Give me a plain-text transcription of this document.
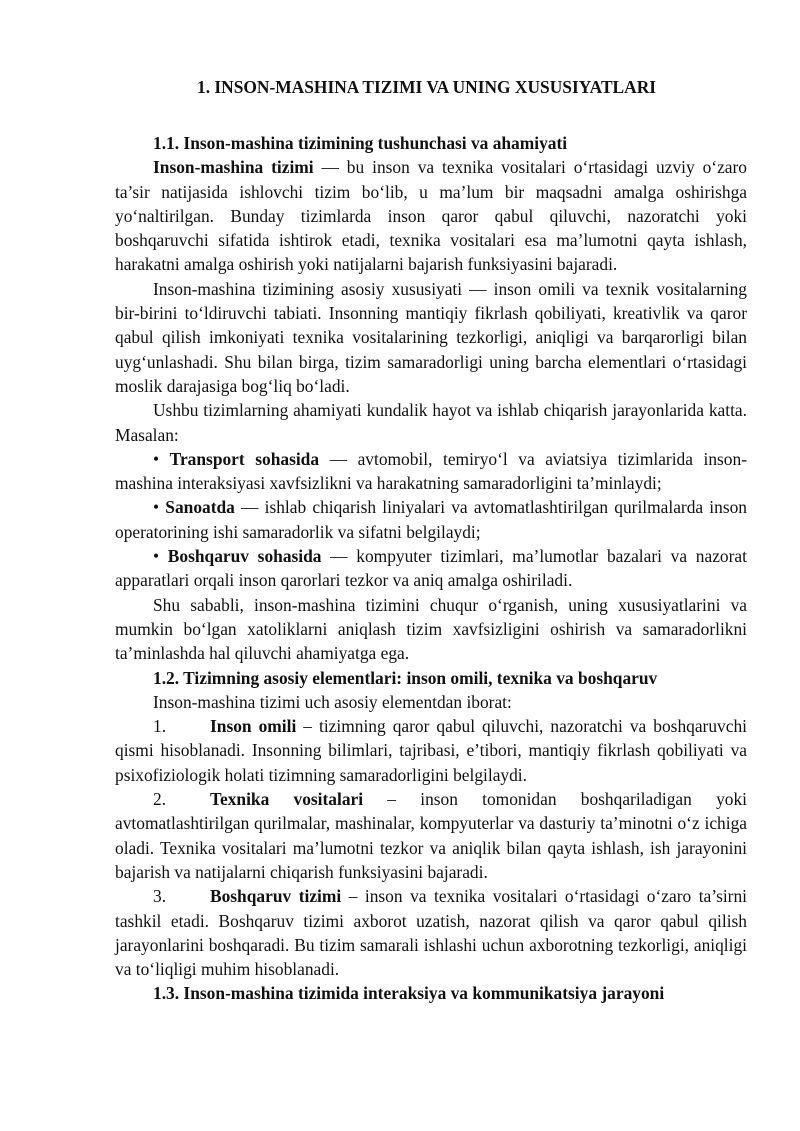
1. INSON-MASHINA TIZIMI VA UNING XUSUSIYATLARI

1.1. Inson-mashina tizimining tushunchasi va ahamiyati

Inson-mashina tizimi — bu inson va texnika vositalari o‘rtasidagi uzviy o‘zaro ta’sir natijasida ishlovchi tizim bo‘lib, u ma’lum bir maqsadni amalga oshirishga yo‘naltirilgan. Bunday tizimlarda inson qaror qabul qiluvchi, nazoratchi yoki boshqaruvchi sifatida ishtirok etadi, texnika vositalari esa ma’lumotni qayta ishlash, harakatni amalga oshirish yoki natijalarni bajarish funksiyasini bajaradi.

Inson-mashina tizimining asosiy xususiyati — inson omili va texnik vositalarning bir-birini to‘ldiruvchi tabiati. Insonning mantiqiy fikrlash qobiliyati, kreativlik va qaror qabul qilish imkoniyati texnika vositalarining tezkorligi, aniqligi va barqarorligi bilan uyg‘unlashadi. Shu bilan birga, tizim samaradorligi uning barcha elementlari o‘rtasidagi moslik darajasiga bog‘liq bo‘ladi.

Ushbu tizimlarning ahamiyati kundalik hayot va ishlab chiqarish jarayonlarida katta. Masalan:

• Transport sohasida — avtomobil, temiryo‘l va aviatsiya tizimlarida inson-mashina interaksiyasi xavfsizlikni va harakatning samaradorligini ta’minlaydi;

• Sanoatda — ishlab chiqarish liniyalari va avtomatlashtirilgan qurilmalarda inson operatorining ishi samaradorlik va sifatni belgilaydi;

• Boshqaruv sohasida — kompyuter tizimlari, ma’lumotlar bazalari va nazorat apparatlari orqali inson qarorlari tezkor va aniq amalga oshiriladi.

Shu sababli, inson-mashina tizimini chuqur o‘rganish, uning xususiyatlarini va mumkin bo‘lgan xatoliklarni aniqlash tizim xavfsizligini oshirish va samaradorlikni ta’minlashda hal qiluvchi ahamiyatga ega.

1.2. Tizimning asosiy elementlari: inson omili, texnika va boshqaruv

Inson-mashina tizimi uch asosiy elementdan iborat:

1.	Inson omili – tizimning qaror qabul qiluvchi, nazoratchi va boshqaruvchi qismi hisoblanadi. Insonning bilimlari, tajribasi, e’tibori, mantiqiy fikrlash qobiliyati va psixofiziologik holati tizimning samaradorligini belgilaydi.

2.	Texnika vositalari – inson tomonidan boshqariladigan yoki avtomatlashtirilgan qurilmalar, mashinalar, kompyuterlar va dasturiy ta’minotni o‘z ichiga oladi. Texnika vositalari ma’lumotni tezkor va aniqlik bilan qayta ishlash, ish jarayonini bajarish va natijalarni chiqarish funksiyasini bajaradi.

3.	Boshqaruv tizimi – inson va texnika vositalari o‘rtasidagi o‘zaro ta’sirni tashkil etadi. Boshqaruv tizimi axborot uzatish, nazorat qilish va qaror qabul qilish jarayonlarini boshqaradi. Bu tizim samarali ishlashi uchun axborotning tezkorligi, aniqligi va to‘liqligi muhim hisoblanadi.

1.3. Inson-mashina tizimida interaksiya va kommunikatsiya jarayoni
